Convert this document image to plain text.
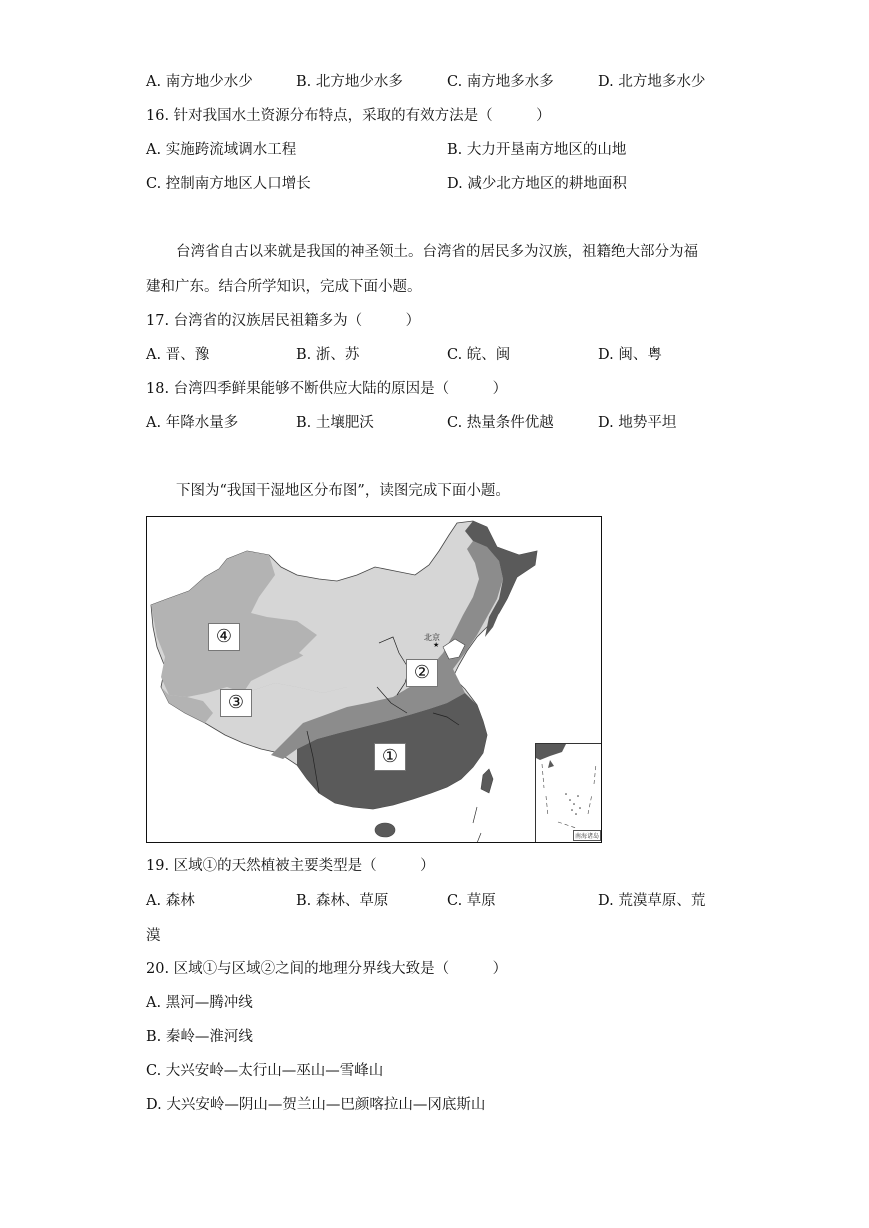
A. 南方地少水少	B. 北方地少水多	C. 南方地多水多	D. 北方地多水少
16. 针对我国水土资源分布特点，采取的有效方法是（　　　）
A. 实施跨流域调水工程	B. 大力开垦南方地区的山地
C. 控制南方地区人口增长	D. 减少北方地区的耕地面积
台湾省自古以来就是我国的神圣领土。台湾省的居民多为汉族，祖籍绝大部分为福
建和广东。结合所学知识，完成下面小题。
17. 台湾省的汉族居民祖籍多为（　　　）
A. 晋、豫	B. 浙、苏	C. 皖、闽	D. 闽、粤
18. 台湾四季鲜果能够不断供应大陆的原因是（　　　）
A. 年降水量多	B. 土壤肥沃	C. 热量条件优越	D. 地势平坦
下图为“我国干湿地区分布图”，读图完成下面小题。
★
北京
④
②
③
①
南海诸岛
19. 区域①的天然植被主要类型是（　　　）
A. 森林	B. 森林、草原	C. 草原	D. 荒漠草原、荒
漠
20. 区域①与区域②之间的地理分界线大致是（　　　）
A. 黑河—腾冲线
B. 秦岭—淮河线
C. 大兴安岭—太行山—巫山—雪峰山
D. 大兴安岭—阴山—贺兰山—巴颜喀拉山—冈底斯山
